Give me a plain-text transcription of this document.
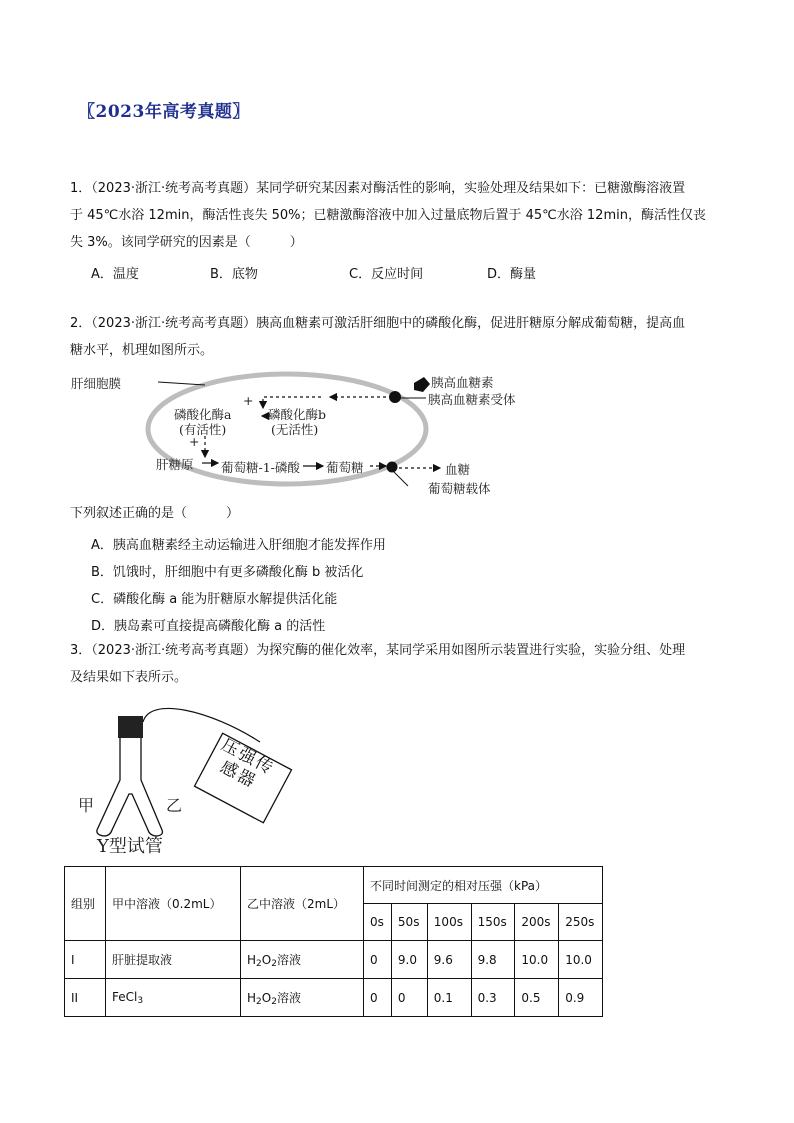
〖2023年高考真题〗
1．（2023·浙江·统考高考真题）某同学研究某因素对酶活性的影响，实验处理及结果如下：已糖激酶溶液置
于 45℃水浴 12min，酶活性丧失 50%；已糖激酶溶液中加入过量底物后置于 45℃水浴 12min，酶活性仅丧
失 3%。该同学研究的因素是（　　　）
A．温度	B．底物	C．反应时间	D．酶量
2．（2023·浙江·统考高考真题）胰高血糖素可激活肝细胞中的磷酸化酶，促进肝糖原分解成葡萄糖，提高血
糖水平，机理如图所示。
肝细胞膜	胰高血糖素
胰高血糖素受体
+
磷酸化酶a
(有活性)
磷酸化酶b
(无活性)
+
肝糖原 葡萄糖-1-磷酸 葡萄糖	血糖
葡萄糖载体
下列叙述正确的是（　　　）
A．胰高血糖素经主动运输进入肝细胞才能发挥作用
B．饥饿时，肝细胞中有更多磷酸化酶 b 被活化
C．磷酸化酶 a 能为肝糖原水解提供活化能
D．胰岛素可直接提高磷酸化酶 a 的活性
3．（2023·浙江·统考高考真题）为探究酶的催化效率，某同学采用如图所示装置进行实验，实验分组、处理
及结果如下表所示。
压强传感器
甲	乙
Y型试管
组别	甲中溶液（0.2mL）	乙中溶液（2mL）	不同时间测定的相对压强（kPa）					
			0s	50s	100s	150s	200s	250s
I	肝脏提取液	$H_2O_2$溶液	0	9.0	9.6	9.8	10.0	10.0
II	FeCl$_3$	$H_2O_2$溶液	0	0	0.1	0.3	0.5	0.9
